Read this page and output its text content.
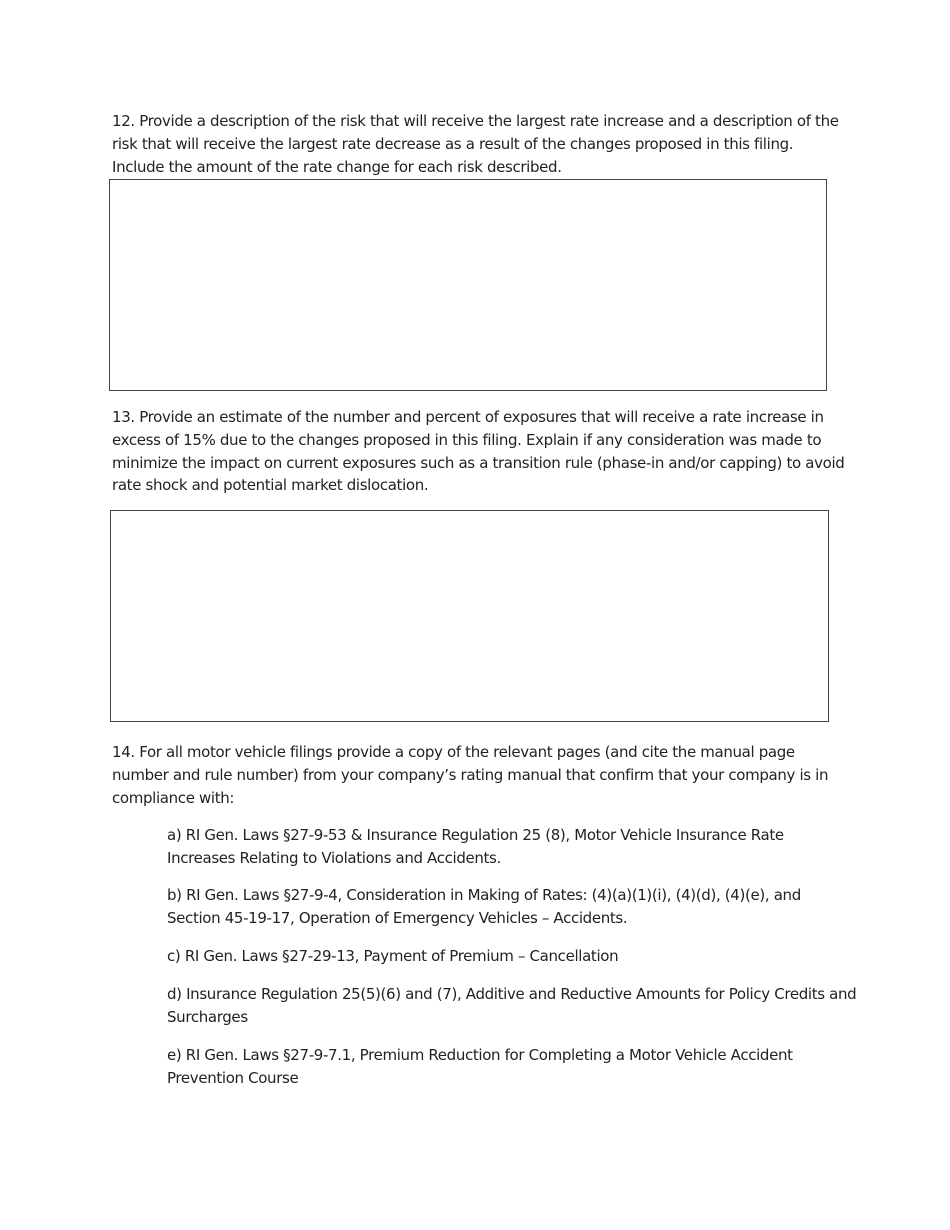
12. Provide a description of the risk that will receive the largest rate increase and a description of the risk that will receive the largest rate decrease as a result of the changes proposed in this filing. Include the amount of the rate change for each risk described.

13. Provide an estimate of the number and percent of exposures that will receive a rate increase in excess of 15% due to the changes proposed in this filing. Explain if any consideration was made to minimize the impact on current exposures such as a transition rule (phase-in and/or capping) to avoid rate shock and potential market dislocation.

14. For all motor vehicle filings provide a copy of the relevant pages (and cite the manual page number and rule number) from your company’s rating manual that confirm that your company is in compliance with:

a) RI Gen. Laws §27-9-53 & Insurance Regulation 25 (8), Motor Vehicle Insurance Rate Increases Relating to Violations and Accidents.

b) RI Gen. Laws §27-9-4, Consideration in Making of Rates: (4)(a)(1)(i), (4)(d), (4)(e), and Section 45-19-17, Operation of Emergency Vehicles – Accidents.

c) RI Gen. Laws §27-29-13, Payment of Premium – Cancellation

d) Insurance Regulation 25(5)(6) and (7), Additive and Reductive Amounts for Policy Credits and Surcharges

e) RI Gen. Laws §27-9-7.1, Premium Reduction for Completing a Motor Vehicle Accident Prevention Course
